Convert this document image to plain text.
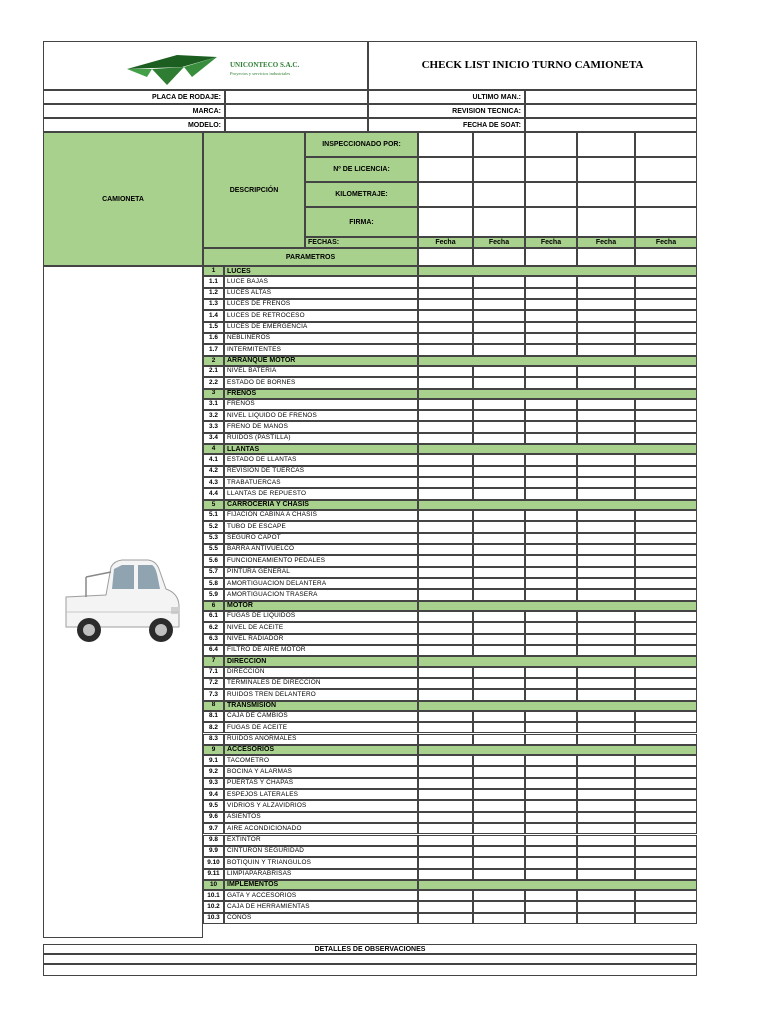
UNICONTECO S.A.C.
Proyectos y servicios industriales
CHECK LIST INICIO TURNO CAMIONETA
PLACA DE RODAJE:	ULTIMO MAN.:
MARCA:	REVISION TECNICA:
MODELO:	FECHA DE SOAT:
CAMIONETA
DESCRIPCIÓN
INSPECCIONADO POR:
Nº DE LICENCIA:
KILOMETRAJE:
FIRMA:
FECHAS:
PARAMETROS
Fecha	Fecha	Fecha	Fecha	Fecha
1	LUCES
1.1	LUCE BAJAS
1.2	LUCES ALTAS
1.3	LUCES DE FRENOS
1.4	LUCES DE RETROCESO
1.5	LUCES DE EMERGENCIA
1.6	NEBLINEROS
1.7	INTERMITENTES
2	ARRANQUE MOTOR
2.1	NIVEL BATERIA
2.2	ESTADO DE BORNES
3	FRENOS
3.1	FRENOS
3.2	NIVEL LIQUIDO DE FRENOS
3.3	FRENO DE MANOS
3.4	RUIDOS (PASTILLA)
4	LLANTAS
4.1	ESTADO DE LLANTAS
4.2	REVISION DE TUERCAS
4.3	TRABATUERCAS
4.4	LLANTAS DE REPUESTO
5	CARROCERIA Y CHASIS
5.1	FIJACION CABINA A CHASIS
5.2	TUBO DE ESCAPE
5.3	SEGURO CAPOT
5.5	BARRA ANTIVUELCO
5.6	FUNCIONEAMIENTO PEDALES
5.7	PINTURA GENERAL
5.8	AMORTIGUACION DELANTERA
5.9	AMORTIGUACION TRASERA
6	MOTOR
6.1	FUGAS DE LIQUIDOS
6.2	NIVEL DE ACEITE
6.3	NIVEL RADIADOR
6.4	FILTRO DE AIRE MOTOR
7	DIRECCION
7.1	DIRECCION
7.2	TERMINALES DE DIRECCION
7.3	RUIDOS TREN DELANTERO
8	TRANSMISION
8.1	CAJA DE CAMBIOS
8.2	FUGAS DE ACEITE
8.3	RUIDOS ANORMALES
9	ACCESORIOS
9.1	TACOMETRO
9.2	BOCINA Y ALARMAS
9.3	PUERTAS Y CHAPAS
9.4	ESPEJOS LATERALES
9.5	VIDRIOS Y ALZAVIDRIOS
9.6	ASIENTOS
9.7	AIRE ACONDICIONADO
9.8	EXTINTOR
9.9	CINTURON SEGURIDAD
9.10	BOTIQUIN Y TRIANGULOS
9.11	LIMPIAPARABRISAS
10	IMPLEMENTOS
10.1	GATA Y ACCESORIOS
10.2	CAJA DE HERRAMIENTAS
10.3	CONOS
DETALLES DE OBSERVACIONES
